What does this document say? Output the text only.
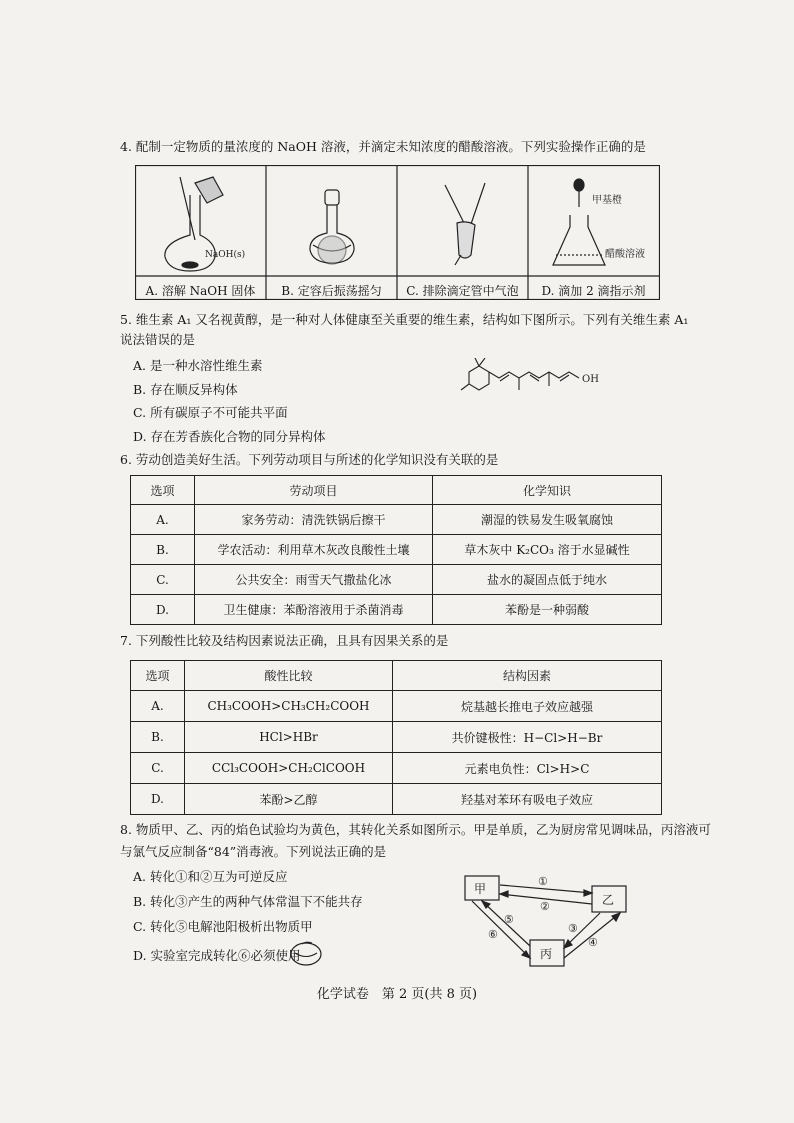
4. 配制一定物质的量浓度的 NaOH 溶液，并滴定未知浓度的醋酸溶液。下列实验操作正确的是
NaOH(s)
甲基橙
醋酸溶液
A. 溶解 NaOH 固体	B. 定容后振荡摇匀	C. 排除滴定管中气泡	D. 滴加 2 滴指示剂
5. 维生素 A₁ 又名视黄醇，是一种对人体健康至关重要的维生素，结构如下图所示。下列有关维生素 A₁
说法错误的是
A. 是一种水溶性维生素
B. 存在顺反异构体
C. 所有碳原子不可能共平面
D. 存在芳香族化合物的同分异构体
OH
6. 劳动创造美好生活。下列劳动项目与所述的化学知识没有关联的是
选项	劳动项目	化学知识
A.	家务劳动：清洗铁锅后擦干	潮湿的铁易发生吸氧腐蚀
B.	学农活动：利用草木灰改良酸性土壤	草木灰中 K₂CO₃ 溶于水显碱性
C.	公共安全：雨雪天气撒盐化冰	盐水的凝固点低于纯水
D.	卫生健康：苯酚溶液用于杀菌消毒	苯酚是一种弱酸
7. 下列酸性比较及结构因素说法正确，且具有因果关系的是
选项	酸性比较	结构因素
A.	CH₃COOH>CH₃CH₂COOH	烷基越长推电子效应越强
B.	HCl>HBr	共价键极性：H−Cl>H−Br
C.	CCl₃COOH>CH₂ClCOOH	元素电负性：Cl>H>C
D.	苯酚>乙醇	羟基对苯环有吸电子效应
8. 物质甲、乙、丙的焰色试验均为黄色，其转化关系如图所示。甲是单质，乙为厨房常见调味品，丙溶液可
与氯气反应制备“84”消毒液。下列说法正确的是
A. 转化①和②互为可逆反应
B. 转化③产生的两种气体常温下不能共存
C. 转化⑤电解池阳极析出物质甲
D. 实验室完成转化⑥必须使用
甲
乙
丙
①
②
③
④
⑤
⑥
化学试卷　第 2 页(共 8 页)
